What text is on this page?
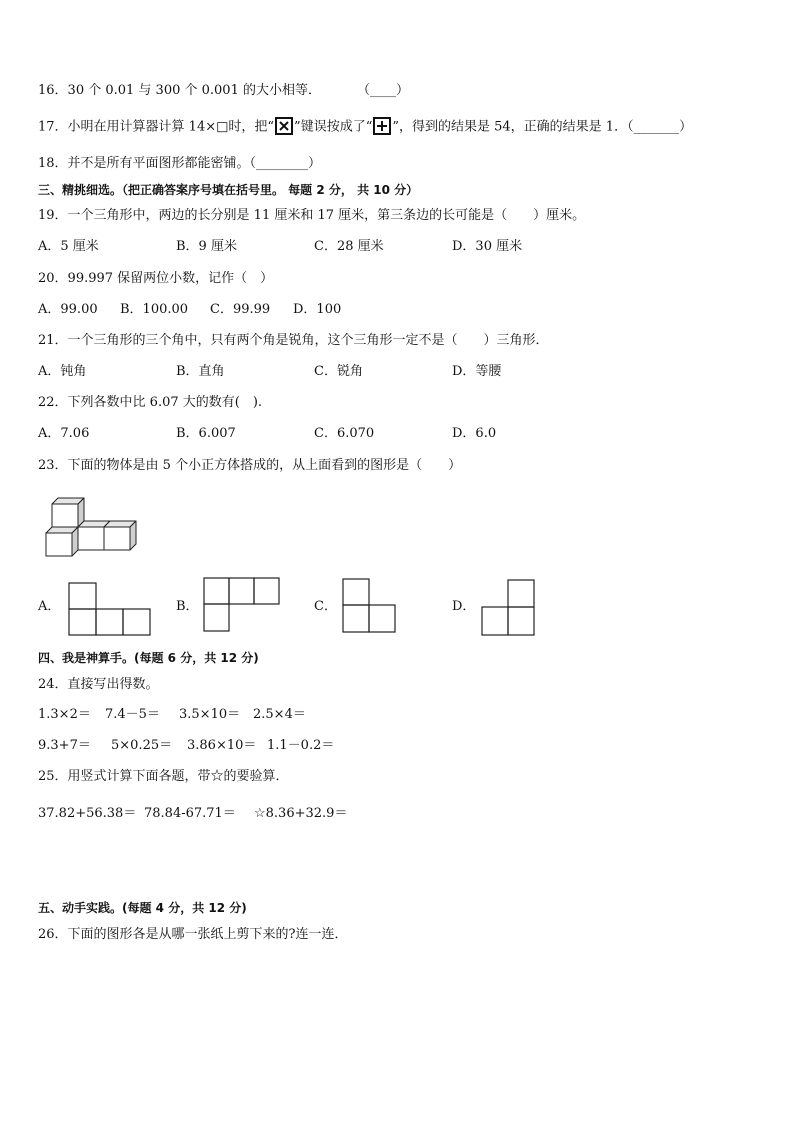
16．30 个 0.01 与 300 个 0.001 的大小相等．	（____）
17．小明在用计算器计算 14×□时，把“ ”键误按成了“ ”，得到的结果是 54，正确的结果是 1．（_______）
18．并不是所有平面图形都能密铺。（________）
三、精挑细选。（把正确答案序号填在括号里。 每题 2 分， 共 10 分）
19．一个三角形中，两边的长分别是 11 厘米和 17 厘米，第三条边的长可能是（　　）厘米。
A．5 厘米	B．9 厘米	C．28 厘米	D．30 厘米
20．99.997 保留两位小数，记作（　）
A．99.00 B．100.00 C．99.99 D．100
21．一个三角形的三个角中，只有两个角是锐角，这个三角形一定不是（　　）三角形．
A．钝角	B．直角	C．锐角	D．等腰
22．下列各数中比 6.07 大的数有(　).
A．7.06	B．6.007	C．6.070	D．6.0
23．下面的物体是由 5 个小正方体搭成的，从上面看到的图形是（　　）
A．	B．	C．	D．
四、我是神算手。(每题 6 分，共 12 分)
24．直接写出得数。
1.3×2＝ 7.4－5＝ 3.5×10＝ 2.5×4＝
9.3+7＝ 5×0.25＝ 3.86×10＝ 1.1－0.2＝
25．用竖式计算下面各题，带☆的要验算．
37.82+56.38＝ 78.84-67.71＝ ☆8.36+32.9＝
五、动手实践。(每题 4 分，共 12 分)
26．下面的图形各是从哪一张纸上剪下来的?连一连．
